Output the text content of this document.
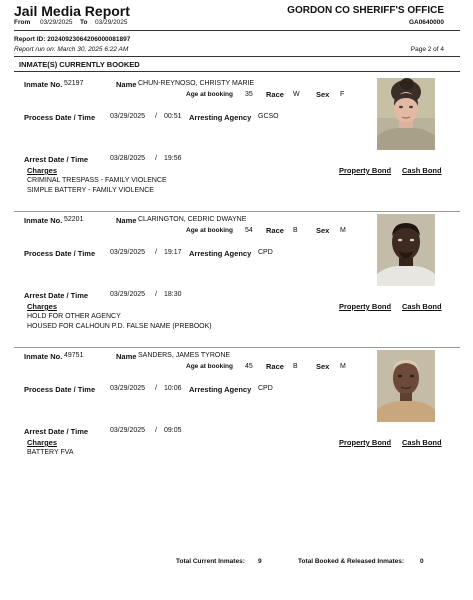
Jail Media Report
From 03/29/2025 To 03/29/2025
GORDON CO SHERIFF'S OFFICE
GA0640000
Report ID: 20240923064206000081897
Report run on: March 30, 2025 6:22 AM	Page 2 of 4
INMATE(S) CURRENTLY BOOKED
Inmate No. 52197	Name CHUN-REYNOSO, CHRISTY MARIE
Age at booking 35 Race W Sex F
Process Date / Time 03/29/2025 / 00:51 Arresting Agency GCSO
Arrest Date / Time	03/28/2025 / 19:56
Charges	Property Bond Cash Bond
CRIMINAL TRESPASS - FAMILY VIOLENCE
SIMPLE BATTERY - FAMILY VIOLENCE
Inmate No. 52201	Name CLARINGTON, CEDRIC DWAYNE
Age at booking 54 Race B Sex M
Process Date / Time 03/29/2025 / 19:17 Arresting Agency CPD
Arrest Date / Time	03/29/2025 / 18:30
Charges	Property Bond Cash Bond
HOLD FOR OTHER AGENCY
HOUSED FOR CALHOUN P.D. FALSE NAME (PREBOOK)
Inmate No. 49751	Name SANDERS, JAMES TYRONE
Age at booking 45 Race B Sex M
Process Date / Time 03/29/2025 / 10:06 Arresting Agency CPD
Arrest Date / Time	03/29/2025 / 09:05
Charges	Property Bond Cash Bond
BATTERY FVA
Total Current Inmates: 9	Total Booked & Released Inmates: 0
